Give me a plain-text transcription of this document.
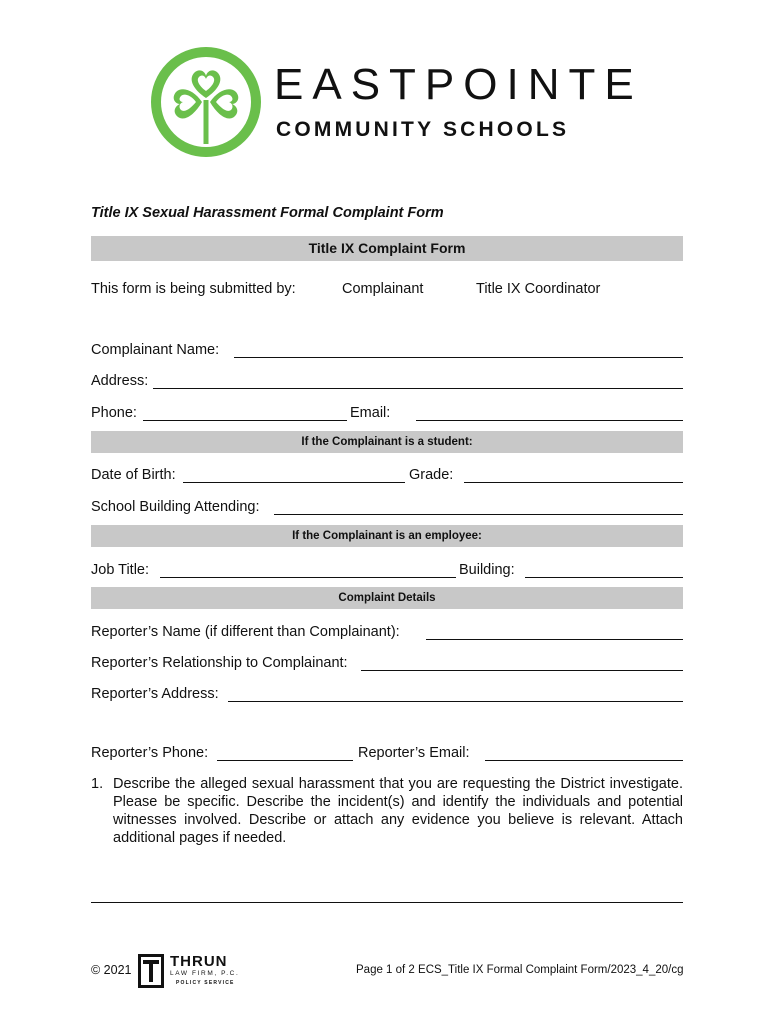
EASTPOINTE
COMMUNITY SCHOOLS
Title IX Sexual Harassment Formal Complaint Form
Title IX Complaint Form
This form is being submitted by:	Complainant	Title IX Coordinator
Complainant Name:
Address:
Phone:	Email:
If the Complainant is a student:
Date of Birth:	Grade:
School Building Attending:
If the Complainant is an employee:
Job Title:	Building:
Complaint Details
Reporter’s Name (if different than Complainant):
Reporter’s Relationship to Complainant:
Reporter’s Address:
Reporter’s Phone:	Reporter’s Email:
1. Describe the alleged sexual harassment that you are requesting the District investigate. Please be specific. Describe the incident(s) and identify the individuals and potential witnesses involved. Describe or attach any evidence you believe is relevant. Attach additional pages if needed.
© 2021	THRUN
LAW FIRM, P.C.
POLICY SERVICE
Page 1 of 2 ECS_Title IX Formal Complaint Form/2023_4_20/cg
